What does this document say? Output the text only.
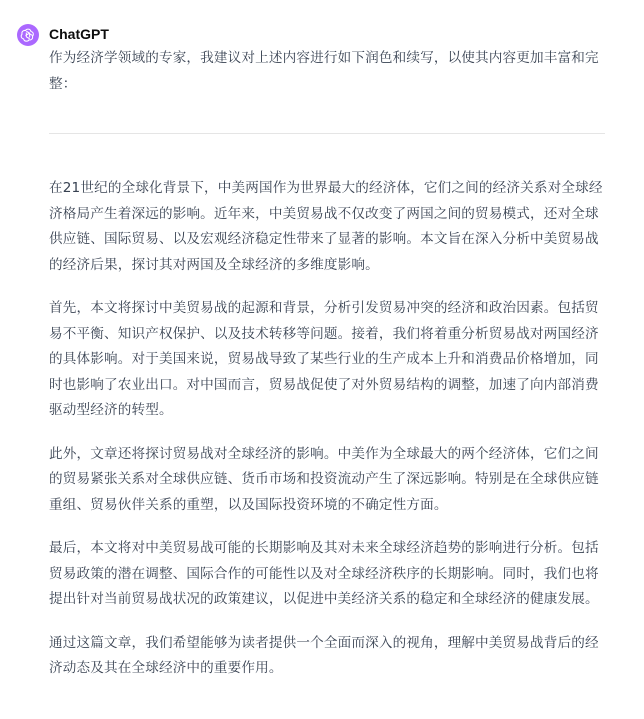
ChatGPT

作为经济学领域的专家，我建议对上述内容进行如下润色和续写，以使其内容更加丰富和完整：

在21世纪的全球化背景下，中美两国作为世界最大的经济体，它们之间的经济关系对全球经济格局产生着深远的影响。近年来，中美贸易战不仅改变了两国之间的贸易模式，还对全球供应链、国际贸易、以及宏观经济稳定性带来了显著的影响。本文旨在深入分析中美贸易战的经济后果，探讨其对两国及全球经济的多维度影响。

首先，本文将探讨中美贸易战的起源和背景，分析引发贸易冲突的经济和政治因素。包括贸易不平衡、知识产权保护、以及技术转移等问题。接着，我们将着重分析贸易战对两国经济的具体影响。对于美国来说，贸易战导致了某些行业的生产成本上升和消费品价格增加，同时也影响了农业出口。对中国而言，贸易战促使了对外贸易结构的调整，加速了向内部消费驱动型经济的转型。

此外，文章还将探讨贸易战对全球经济的影响。中美作为全球最大的两个经济体，它们之间的贸易紧张关系对全球供应链、货币市场和投资流动产生了深远影响。特别是在全球供应链重组、贸易伙伴关系的重塑，以及国际投资环境的不确定性方面。

最后，本文将对中美贸易战可能的长期影响及其对未来全球经济趋势的影响进行分析。包括贸易政策的潜在调整、国际合作的可能性以及对全球经济秩序的长期影响。同时，我们也将提出针对当前贸易战状况的政策建议，以促进中美经济关系的稳定和全球经济的健康发展。

通过这篇文章，我们希望能够为读者提供一个全面而深入的视角，理解中美贸易战背后的经济动态及其在全球经济中的重要作用。
